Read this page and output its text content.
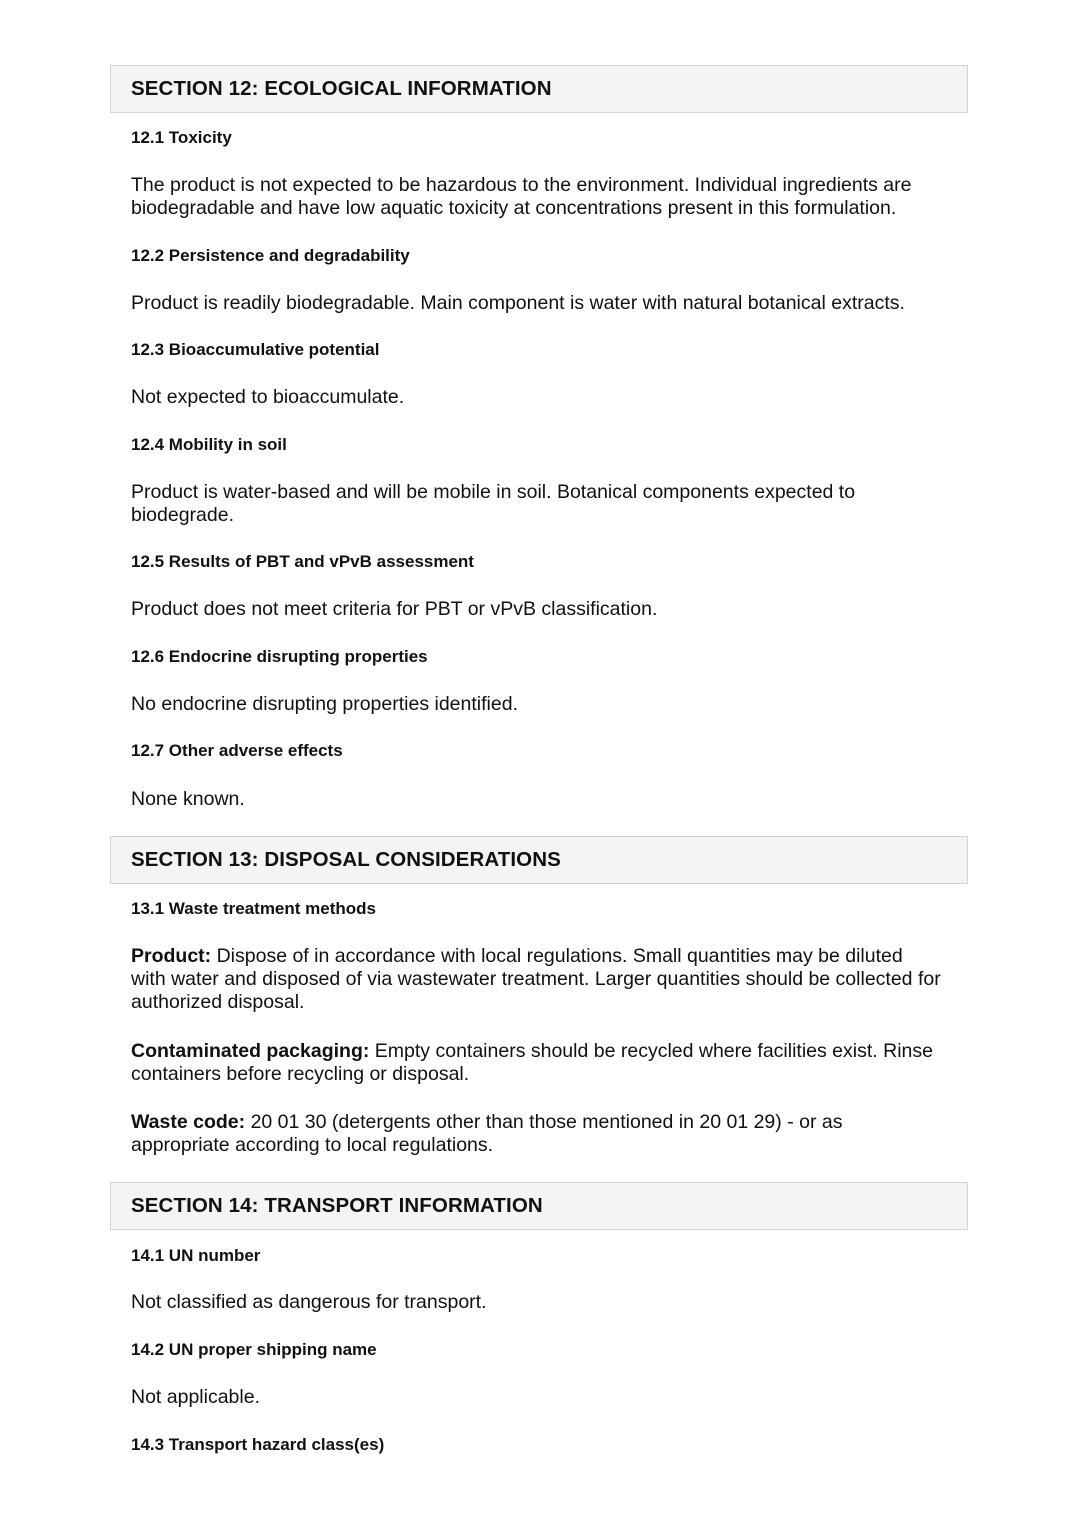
SECTION 12: ECOLOGICAL INFORMATION
12.1 Toxicity
The product is not expected to be hazardous to the environment. Individual ingredients are biodegradable and have low aquatic toxicity at concentrations present in this formulation.
12.2 Persistence and degradability
Product is readily biodegradable. Main component is water with natural botanical extracts.
12.3 Bioaccumulative potential
Not expected to bioaccumulate.
12.4 Mobility in soil
Product is water-based and will be mobile in soil. Botanical components expected to biodegrade.
12.5 Results of PBT and vPvB assessment
Product does not meet criteria for PBT or vPvB classification.
12.6 Endocrine disrupting properties
No endocrine disrupting properties identified.
12.7 Other adverse effects
None known.
SECTION 13: DISPOSAL CONSIDERATIONS
13.1 Waste treatment methods
Product: Dispose of in accordance with local regulations. Small quantities may be diluted with water and disposed of via wastewater treatment. Larger quantities should be collected for authorized disposal.
Contaminated packaging: Empty containers should be recycled where facilities exist. Rinse containers before recycling or disposal.
Waste code: 20 01 30 (detergents other than those mentioned in 20 01 29) - or as appropriate according to local regulations.
SECTION 14: TRANSPORT INFORMATION
14.1 UN number
Not classified as dangerous for transport.
14.2 UN proper shipping name
Not applicable.
14.3 Transport hazard class(es)
